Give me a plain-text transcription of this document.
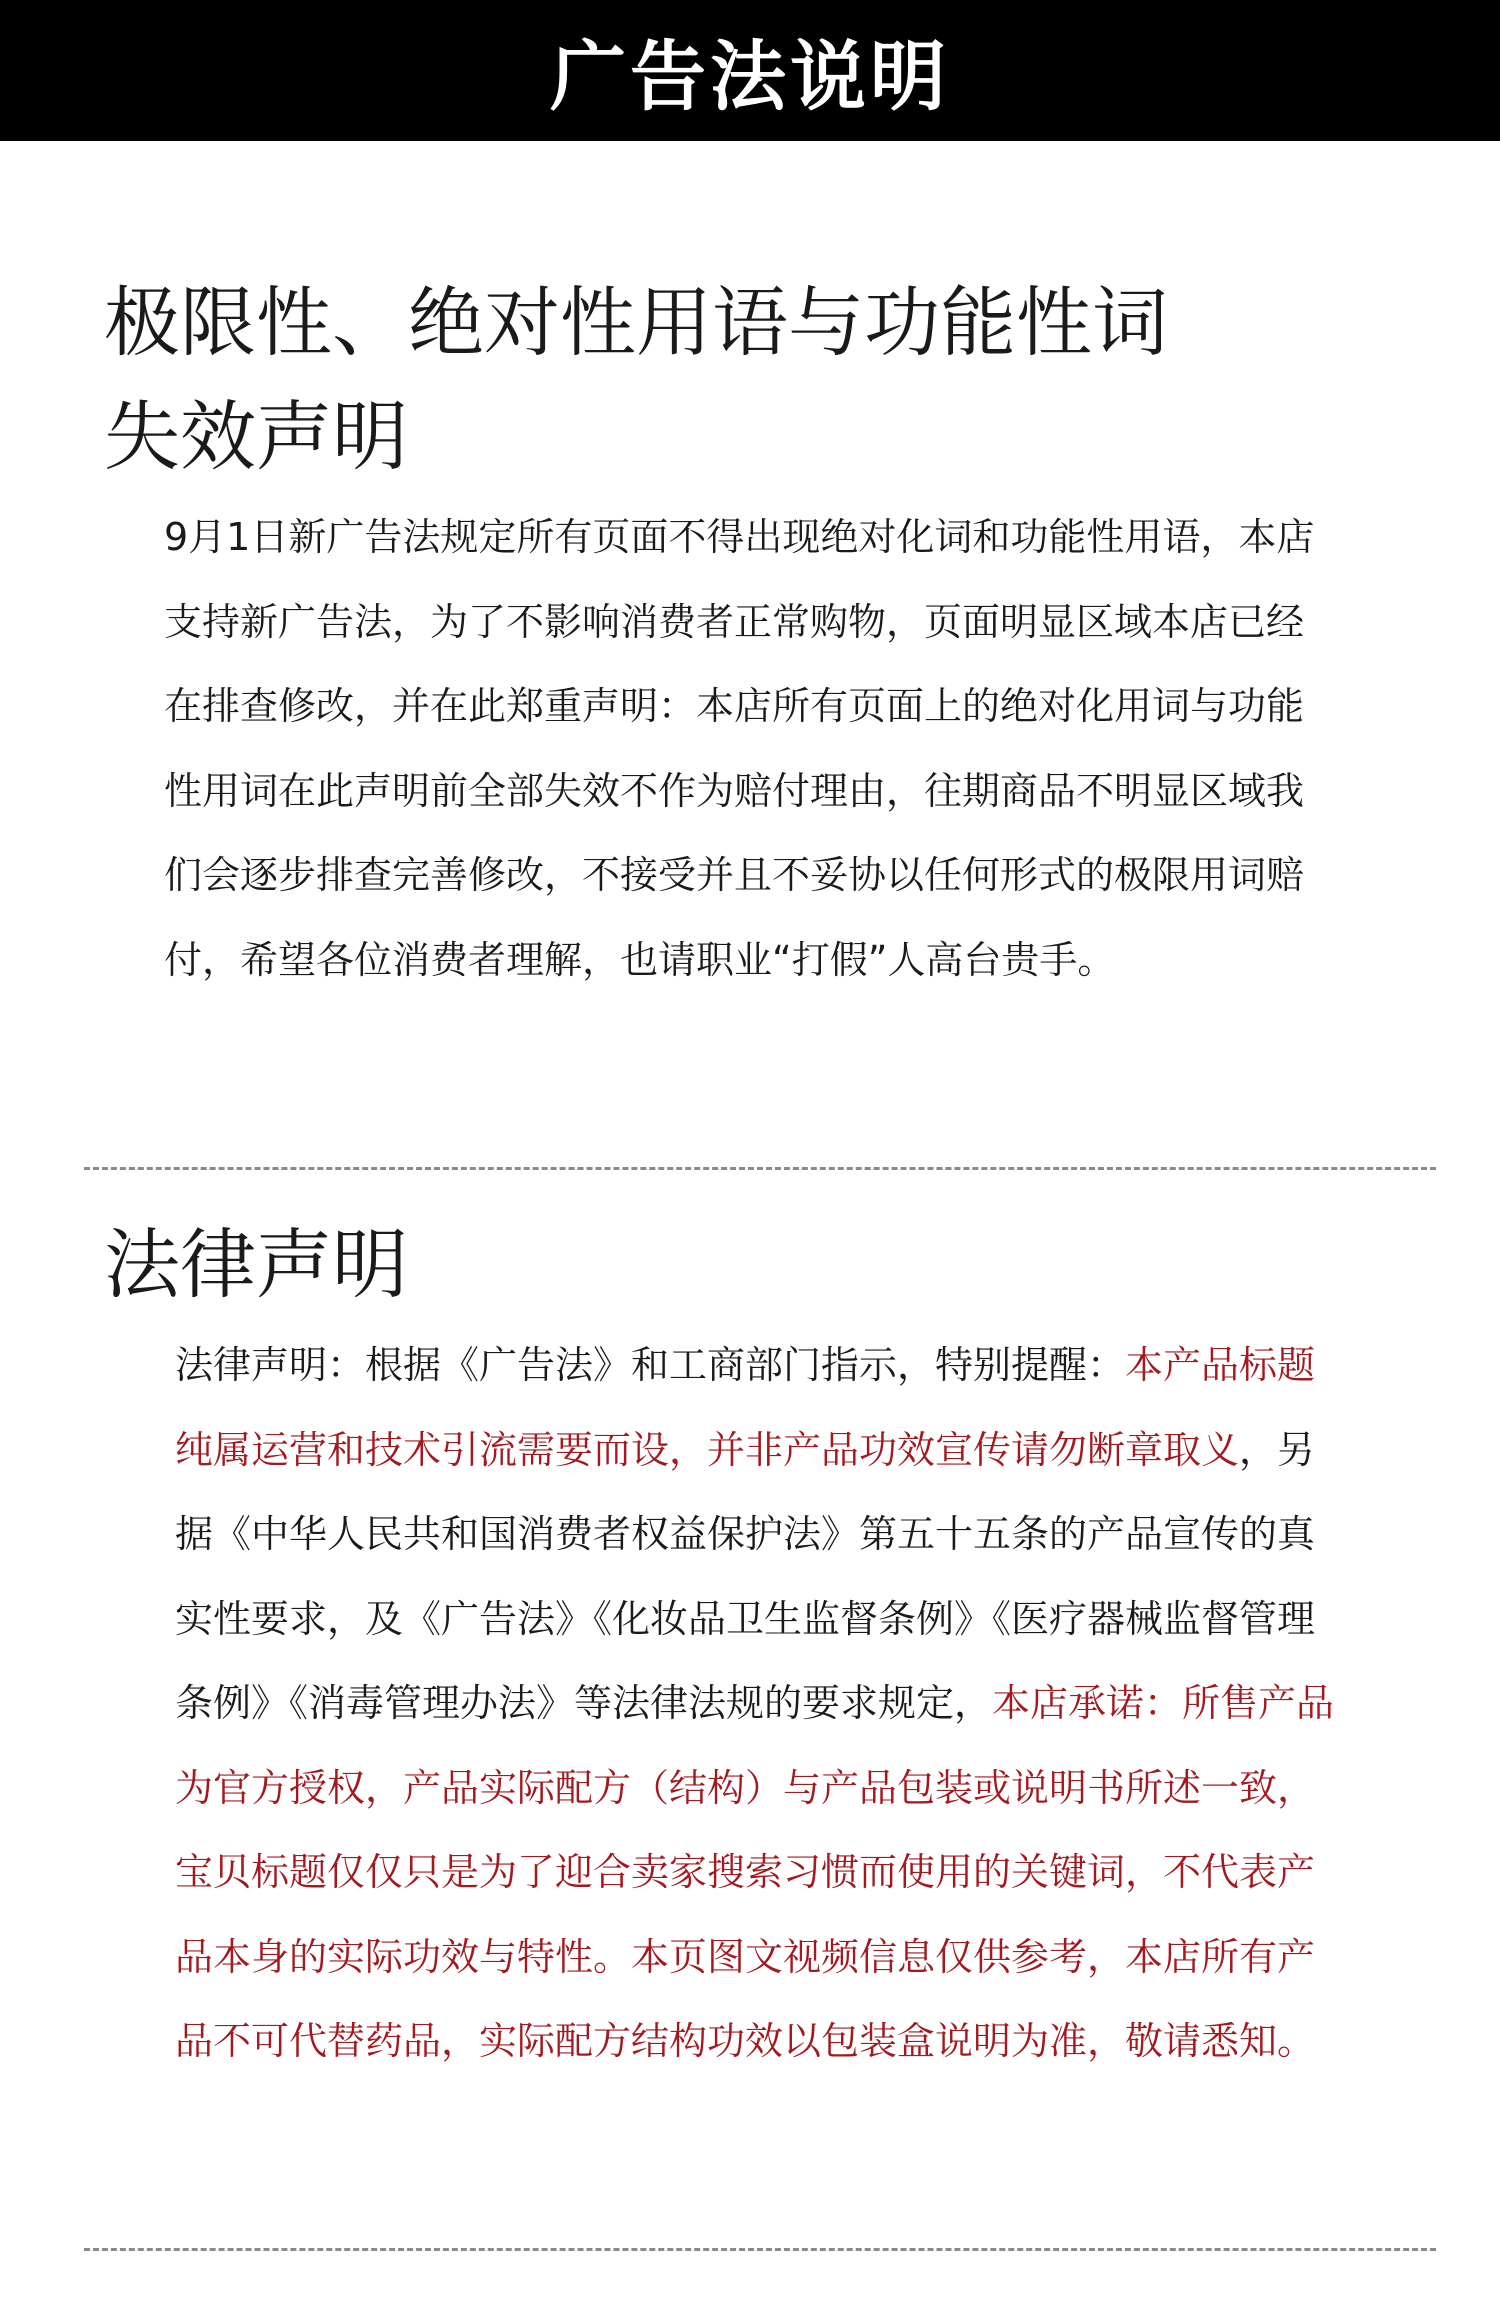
广告法说明
极限性、绝对性用语与功能性词
失效声明

9月1日新广告法规定所有页面不得出现绝对化词和功能性用语，本店支持新广告法，为了不影响消费者正常购物，页面明显区域本店已经在排查修改，并在此郑重声明：本店所有页面上的绝对化用词与功能性用词在此声明前全部失效不作为赔付理由，往期商品不明显区域我们会逐步排查完善修改，不接受并且不妥协以任何形式的极限用词赔付，希望各位消费者理解，也请职业“打假”人高台贵手。

法律声明

法律声明：根据《广告法》和工商部门指示，特别提醒：本产品标题纯属运营和技术引流需要而设，并非产品功效宣传请勿断章取义，另据《中华人民共和国消费者权益保护法》第五十五条的产品宣传的真实性要求，及《广告法》《化妆品卫生监督条例》《医疗器械监督管理条例》《消毒管理办法》等法律法规的要求规定，本店承诺：所售产品为官方授权，产品实际配方（结构）与产品包装或说明书所述一致，宝贝标题仅仅只是为了迎合卖家搜索习惯而使用的关键词，不代表产品本身的实际功效与特性。本页图文视频信息仅供参考，本店所有产品不可代替药品，实际配方结构功效以包装盒说明为准，敬请悉知。
